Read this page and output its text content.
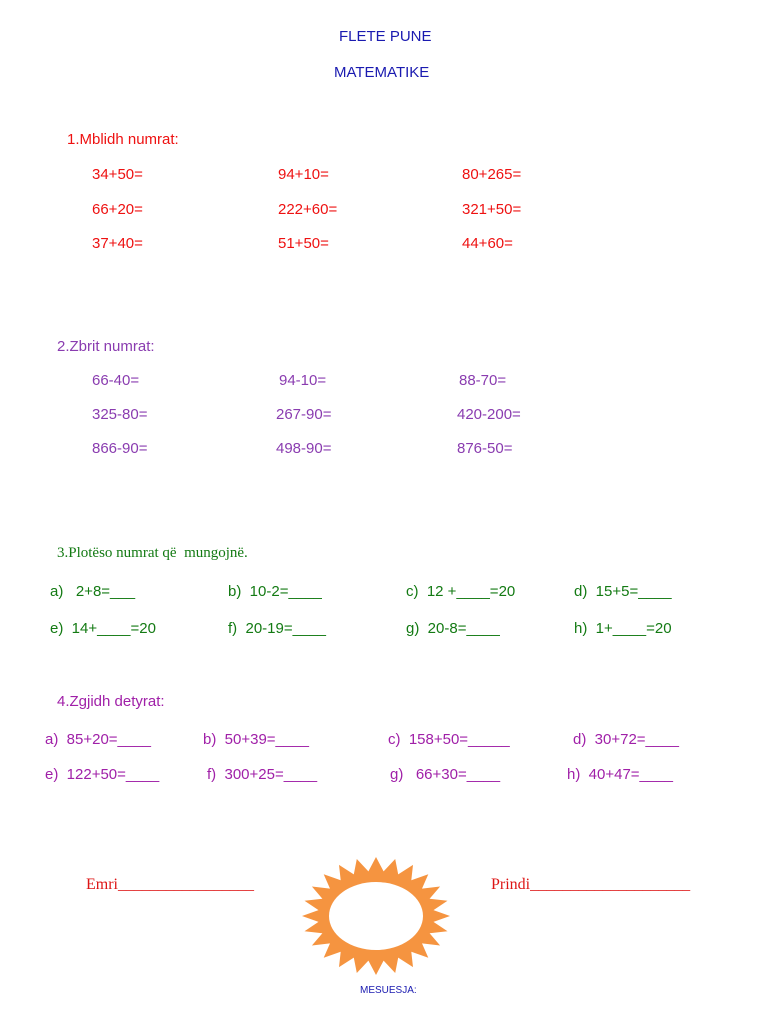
FLETE PUNE
MATEMATIKE
1.Mblidh numrat:
34+50=	94+10=	80+265=
66+20=	222+60=	321+50=
37+40=	51+50=	44+60=
2.Zbrit numrat:
66-40=	94-10=	88-70=
325-80=	267-90=	420-200=
866-90=	498-90=	876-50=
3.Plotëso numrat që  mungojnë.
a)   2+8=___	b)  10-2=____	c)  12 +____=20	d)  15+5=____
e)  14+____=20	f)  20-19=____	g)  20-8=____	h)  1+____=20
4.Zgjidh detyrat:
a)  85+20=____	b)  50+39=____	c)  158+50=_____	d)  30+72=____
e)  122+50=____	f)  300+25=____	g)   66+30=____	h)  40+47=____
Emri_________________	Prindi____________________
MESUESJA:
